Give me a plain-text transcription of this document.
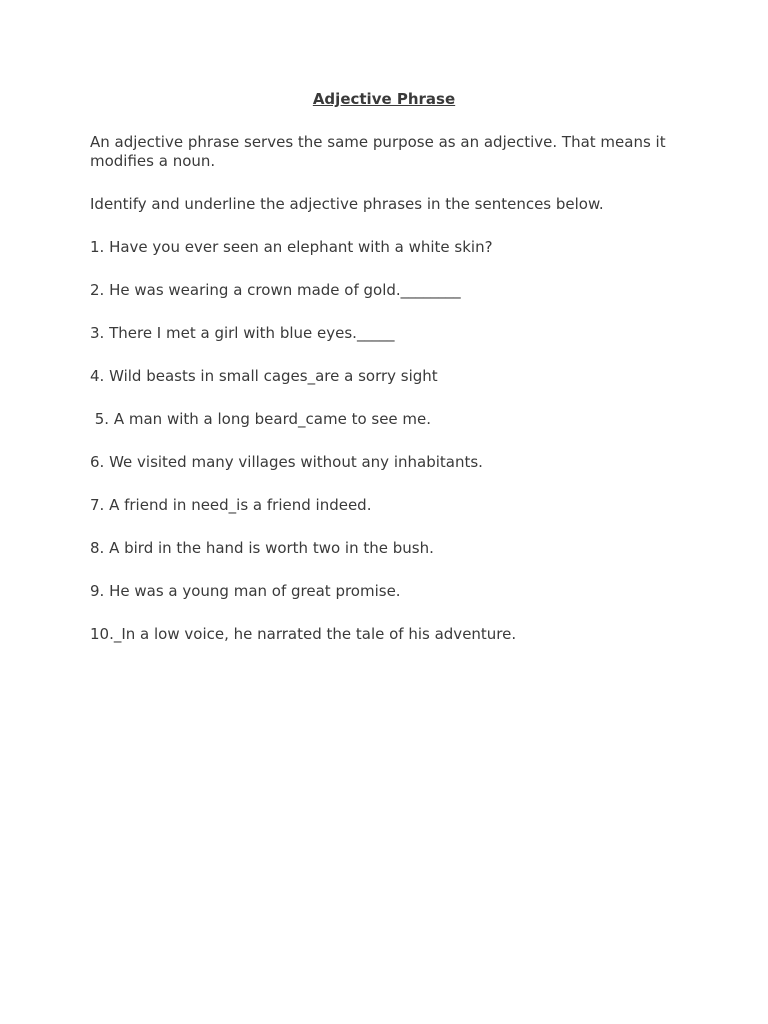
Adjective Phrase
An adjective phrase serves the same purpose as an adjective. That means it modifies a noun.
Identify and underline the adjective phrases in the sentences below.
1. Have you ever seen an elephant with a white skin?
2. He was wearing a crown made of gold.________
3. There I met a girl with blue eyes._____
4. Wild beasts in small cages_are a sorry sight
5. A man with a long beard_came to see me.
6. We visited many villages without any inhabitants.
7. A friend in need_is a friend indeed.
8. A bird in the hand is worth two in the bush.
9. He was a young man of great promise.
10._In a low voice, he narrated the tale of his adventure.
